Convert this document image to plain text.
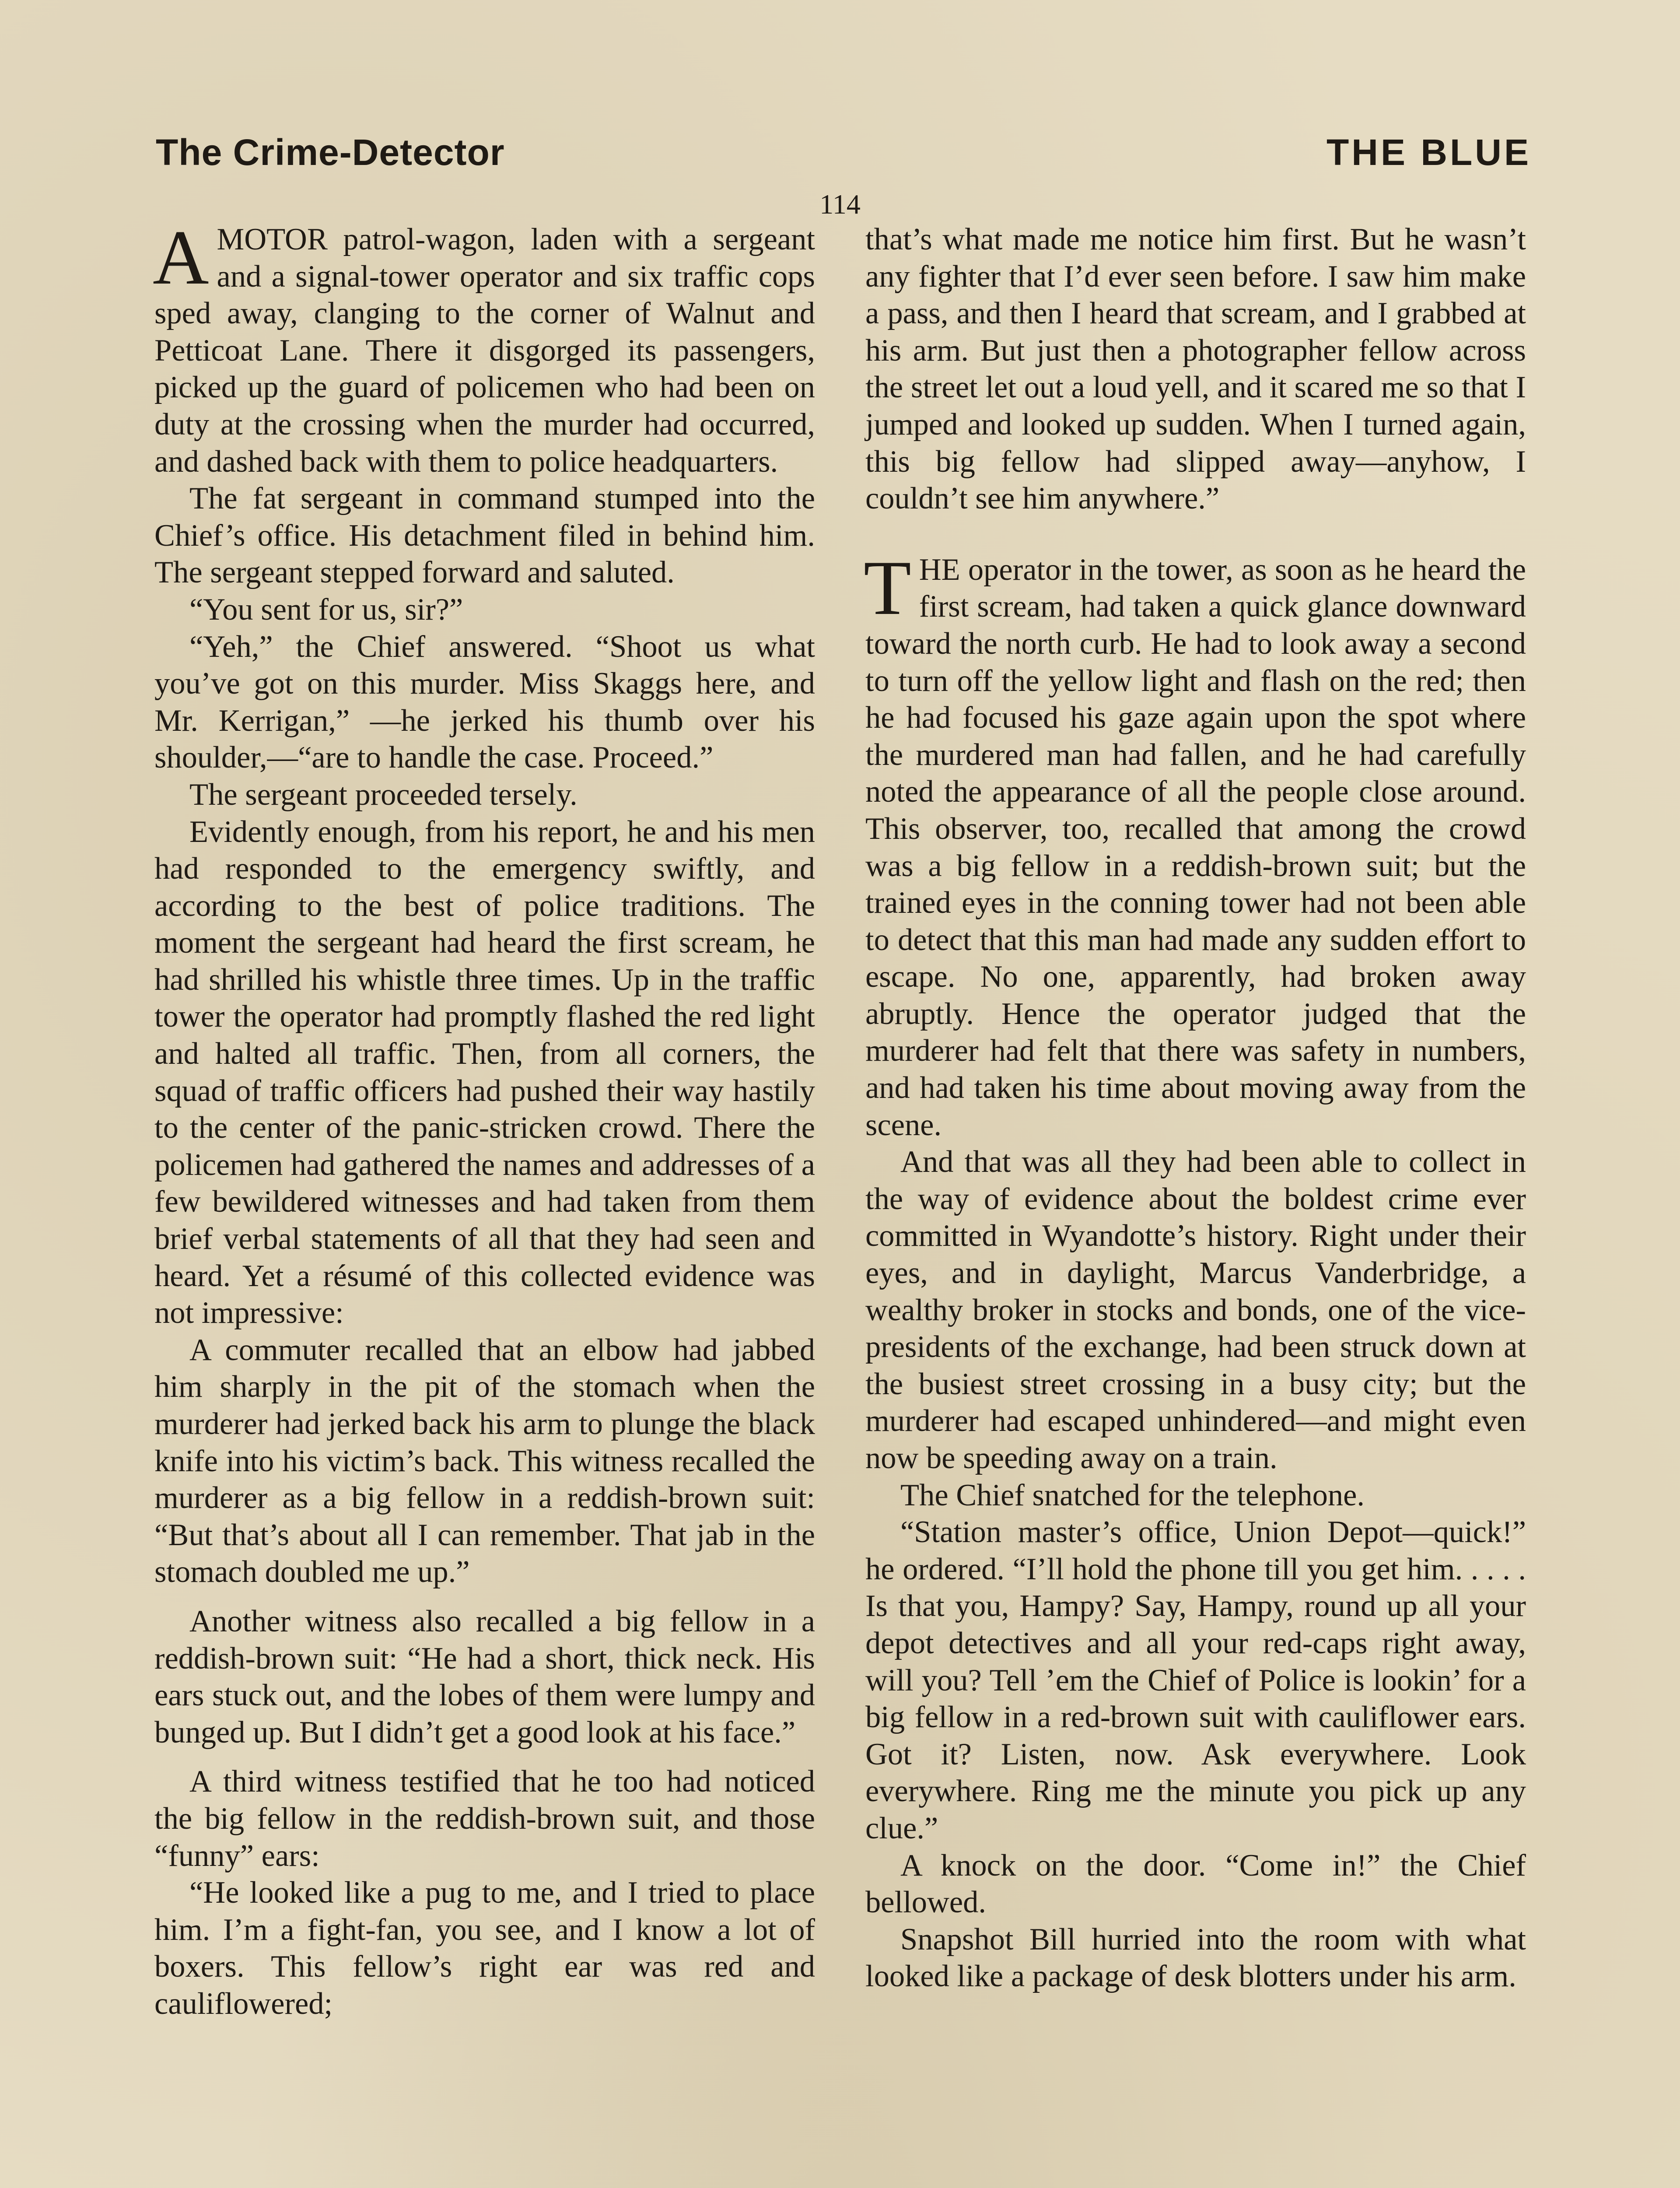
The Crime-Detector	THE BLUE
114

AMOTOR patrol-wagon, laden with a sergeant and a signal-tower operator and six traffic cops sped away, clanging to the corner of Walnut and Petticoat Lane. There it disgorged its passengers, picked up the guard of policemen who had been on duty at the crossing when the murder had occurred, and dashed back with them to police headquarters.

The fat sergeant in command stumped into the Chief’s office. His detachment filed in behind him. The sergeant stepped forward and saluted.

“You sent for us, sir?”

“Yeh,” the Chief answered. “Shoot us what you’ve got on this murder. Miss Skaggs here, and Mr. Kerrigan,” —he jerked his thumb over his shoulder,—“are to handle the case. Proceed.”

The sergeant proceeded tersely.

Evidently enough, from his report, he and his men had responded to the emergency swiftly, and according to the best of police traditions. The moment the sergeant had heard the first scream, he had shrilled his whistle three times. Up in the traffic tower the operator had promptly flashed the red light and halted all traffic. Then, from all corners, the squad of traffic officers had pushed their way hastily to the center of the panic-stricken crowd. There the policemen had gathered the names and addresses of a few bewildered witnesses and had taken from them brief verbal statements of all that they had seen and heard. Yet a résumé of this collected evidence was not impressive:

A commuter recalled that an elbow had jabbed him sharply in the pit of the stomach when the murderer had jerked back his arm to plunge the black knife into his victim’s back. This witness recalled the murderer as a big fellow in a reddish-brown suit: “But that’s about all I can remember. That jab in the stomach doubled me up.”

Another witness also recalled a big fellow in a reddish-brown suit: “He had a short, thick neck. His ears stuck out, and the lobes of them were lumpy and bunged up. But I didn’t get a good look at his face.”

A third witness testified that he too had noticed the big fellow in the reddish-brown suit, and those “funny” ears:

“He looked like a pug to me, and I tried to place him. I’m a fight-fan, you see, and I know a lot of boxers. This fellow’s right ear was red and cauliflowered;

that’s what made me notice him first. But he wasn’t any fighter that I’d ever seen before. I saw him make a pass, and then I heard that scream, and I grabbed at his arm. But just then a photographer fellow across the street let out a loud yell, and it scared me so that I jumped and looked up sudden. When I turned again, this big fellow had slipped away—anyhow, I couldn’t see him anywhere.”

THE operator in the tower, as soon as he heard the first scream, had taken a quick glance downward toward the north curb. He had to look away a second to turn off the yellow light and flash on the red; then he had focused his gaze again upon the spot where the murdered man had fallen, and he had carefully noted the appearance of all the people close around. This observer, too, recalled that among the crowd was a big fellow in a reddish-brown suit; but the trained eyes in the conning tower had not been able to detect that this man had made any sudden effort to escape. No one, apparently, had broken away abruptly. Hence the operator judged that the murderer had felt that there was safety in numbers, and had taken his time about moving away from the scene.

And that was all they had been able to collect in the way of evidence about the boldest crime ever committed in Wyandotte’s history. Right under their eyes, and in daylight, Marcus Vanderbridge, a wealthy broker in stocks and bonds, one of the vice-presidents of the exchange, had been struck down at the busiest street crossing in a busy city; but the murderer had escaped unhindered—and might even now be speeding away on a train.

The Chief snatched for the telephone.

“Station master’s office, Union Depot—quick!” he ordered. “I’ll hold the phone till you get him. . . . . Is that you, Hampy? Say, Hampy, round up all your depot detectives and all your red-caps right away, will you? Tell ’em the Chief of Police is lookin’ for a big fellow in a red-brown suit with cauliflower ears. Got it? Listen, now. Ask everywhere. Look everywhere. Ring me the minute you pick up any clue.”

A knock on the door. “Come in!” the Chief bellowed.

Snapshot Bill hurried into the room with what looked like a package of desk blotters under his arm.
